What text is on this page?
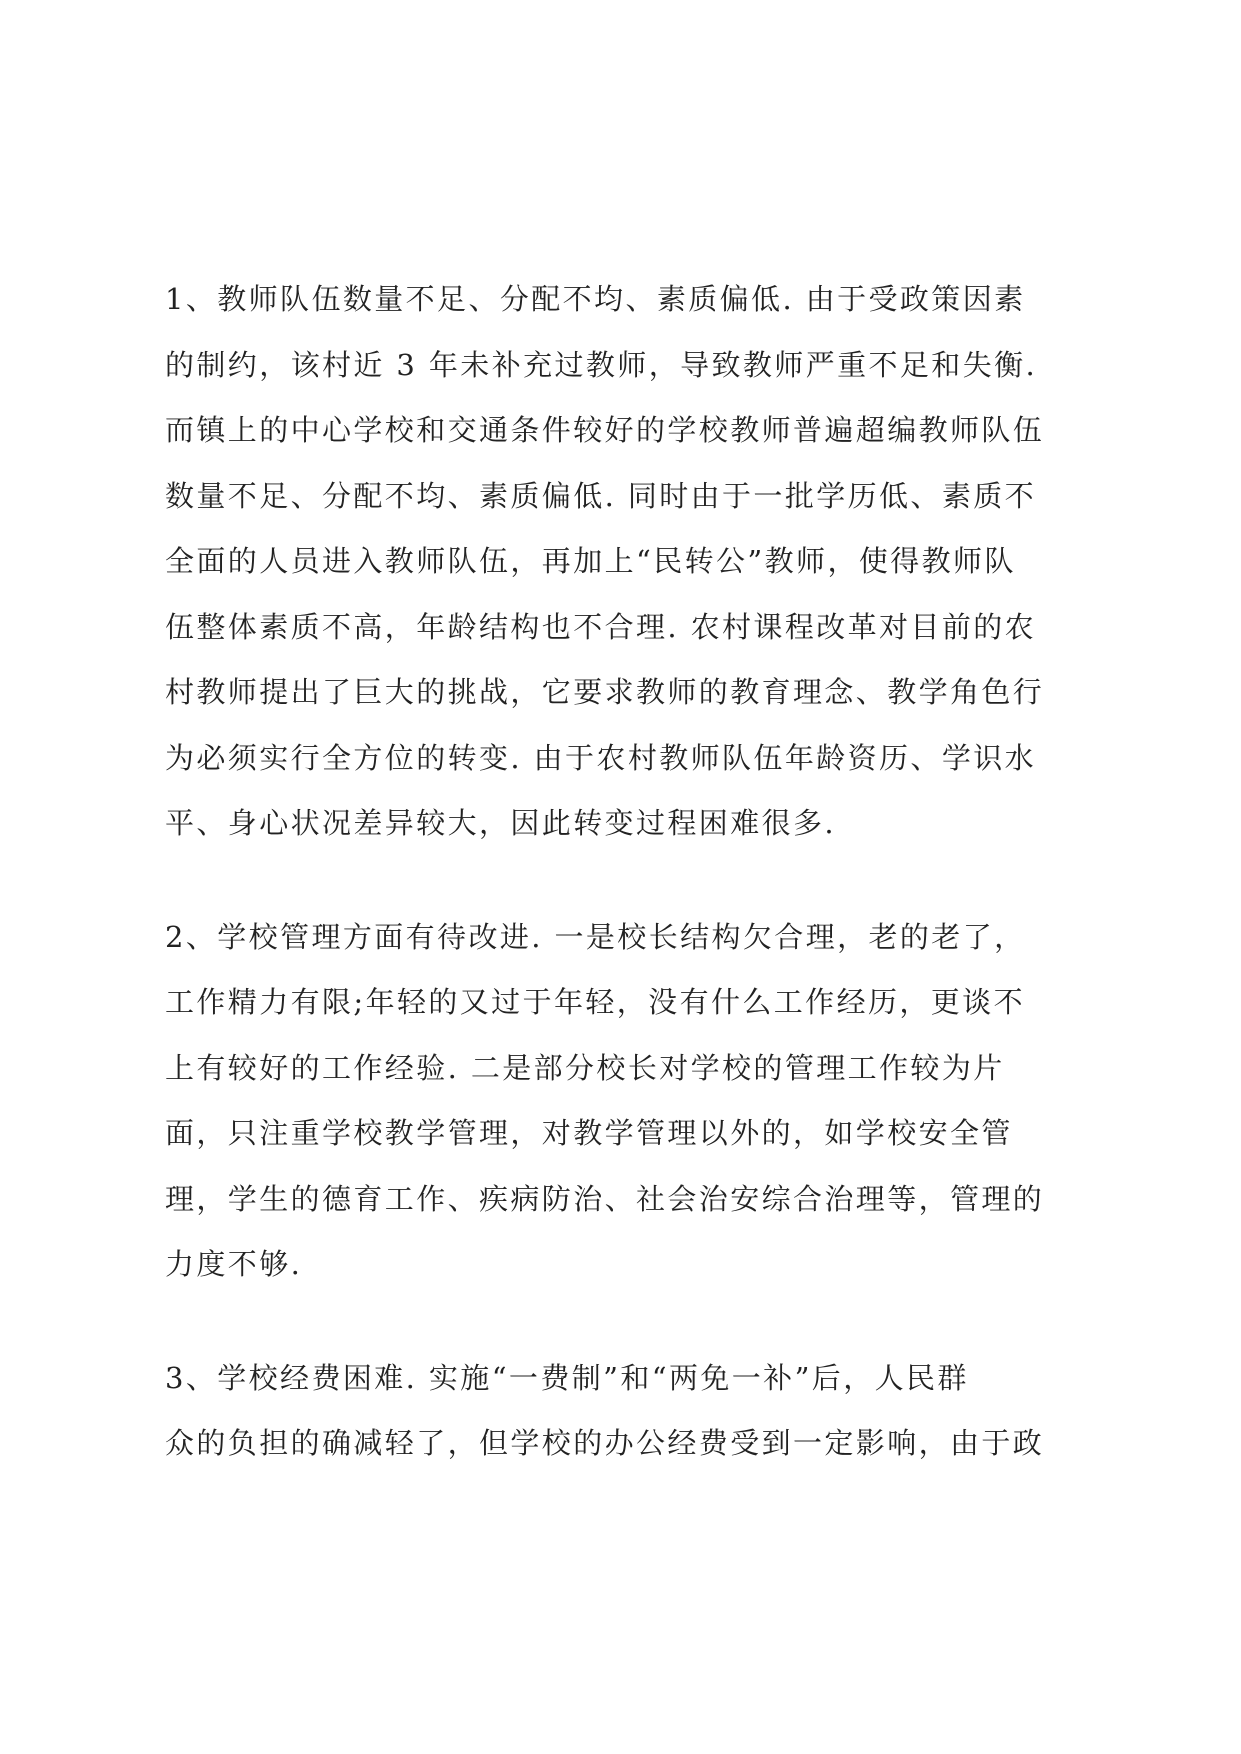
1、教师队伍数量不足、分配不均、素质偏低. 由于受政策因素
的制约，该村近 3 年未补充过教师，导致教师严重不足和失衡.
而镇上的中心学校和交通条件较好的学校教师普遍超编教师队伍
数量不足、分配不均、素质偏低. 同时由于一批学历低、素质不
全面的人员进入教师队伍，再加上“民转公”教师，使得教师队
伍整体素质不高，年龄结构也不合理. 农村课程改革对目前的农
村教师提出了巨大的挑战，它要求教师的教育理念、教学角色行
为必须实行全方位的转变. 由于农村教师队伍年龄资历、学识水
平、身心状况差异较大，因此转变过程困难很多.
2、学校管理方面有待改进. 一是校长结构欠合理，老的老了，
工作精力有限;年轻的又过于年轻，没有什么工作经历，更谈不
上有较好的工作经验. 二是部分校长对学校的管理工作较为片
面，只注重学校教学管理，对教学管理以外的，如学校安全管
理，学生的德育工作、疾病防治、社会治安综合治理等，管理的
力度不够.
3、学校经费困难. 实施“一费制”和“两免一补”后，人民群
众的负担的确减轻了，但学校的办公经费受到一定影响，由于政
